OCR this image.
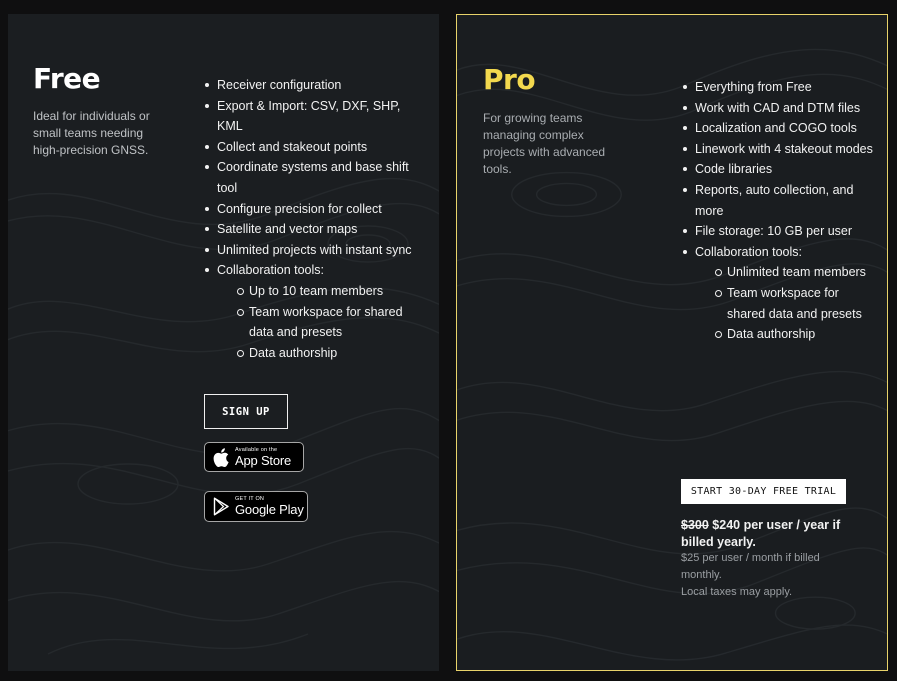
Free

Ideal for individuals or small teams needing high-precision GNSS.

Receiver configuration
Export & Import: CSV, DXF, SHP, KML
Collect and stakeout points
Coordinate systems and base shift tool
Configure precision for collect
Satellite and vector maps
Unlimited projects with instant sync
Collaboration tools:
Up to 10 team members
Team workspace for shared data and presets
Data authorship
SIGN UP
Available on the
App Store
GET IT ON
Google Play
Pro

For growing teams managing complex projects with advanced tools.

Everything from Free
Work with CAD and DTM files
Localization and COGO tools
Linework with 4 stakeout modes
Code libraries
Reports, auto collection, and more
File storage: 10 GB per user
Collaboration tools:
Unlimited team members
Team workspace for shared data and presets
Data authorship
START 30-DAY FREE TRIAL

$300 $240 per user / year if billed yearly.

$25 per user / month if billed monthly.

Local taxes may apply.
